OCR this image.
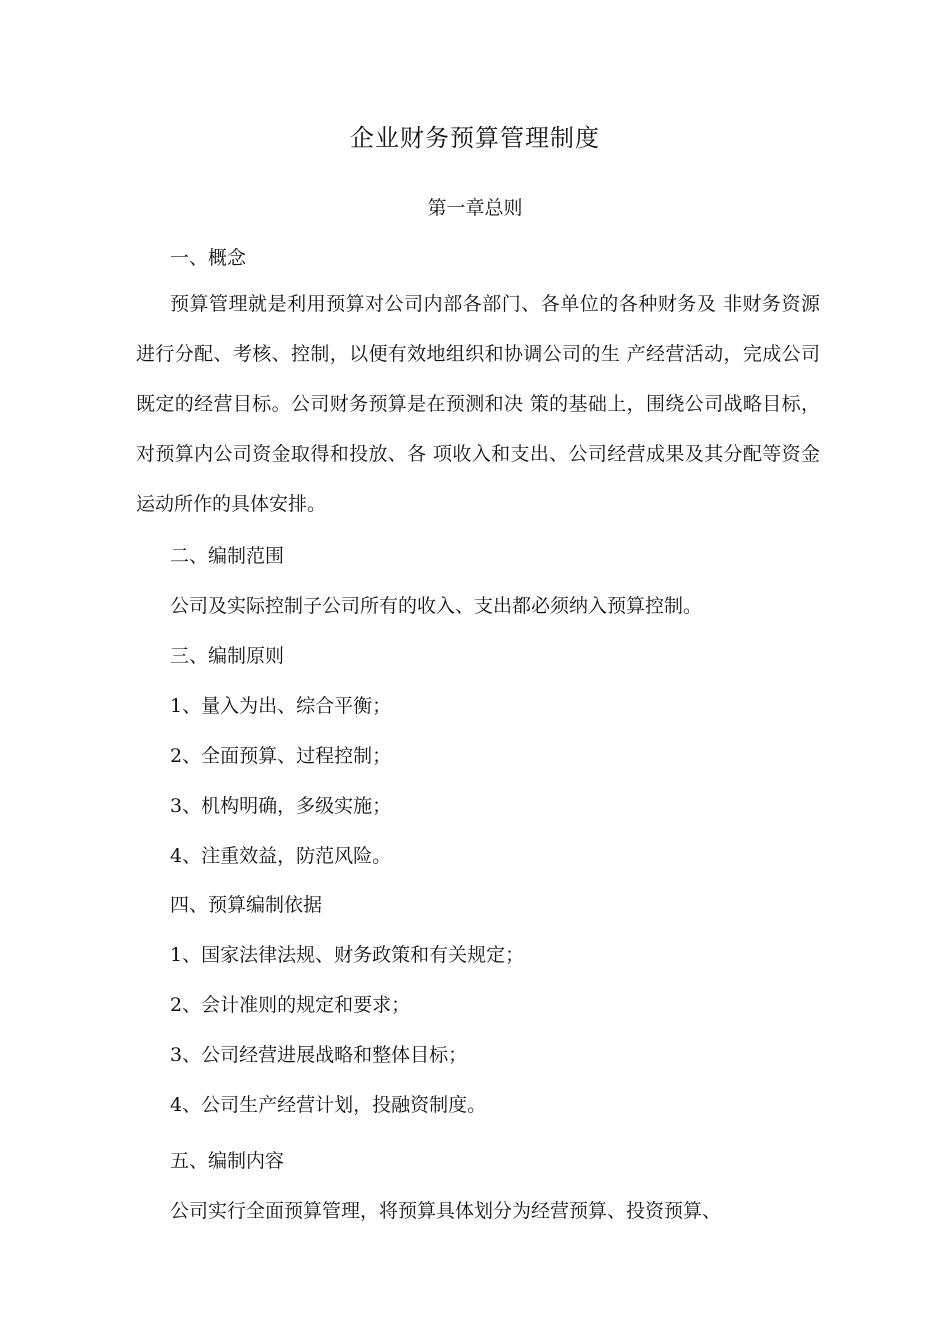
企业财务预算管理制度
第一章总则
一、概念
预算管理就是利用预算对公司内部各部门、各单位的各种财务及 非财务资源进行分配、考核、控制，以便有效地组织和协调公司的生 产经营活动，完成公司既定的经营目标。公司财务预算是在预测和决 策的基础上，围绕公司战略目标，对预算内公司资金取得和投放、各 项收入和支出、公司经营成果及其分配等资金运动所作的具体安排。
二、编制范围
公司及实际控制子公司所有的收入、支出都必须纳入预算控制。
三、编制原则
1、量入为出、综合平衡；
2、全面预算、过程控制；
3、机构明确，多级实施；
4、注重效益，防范风险。
四、预算编制依据
1、国家法律法规、财务政策和有关规定；
2、会计准则的规定和要求；
3、公司经营进展战略和整体目标；
4、公司生产经营计划，投融资制度。
五、编制内容
公司实行全面预算管理，将预算具体划分为经营预算、投资预算、
